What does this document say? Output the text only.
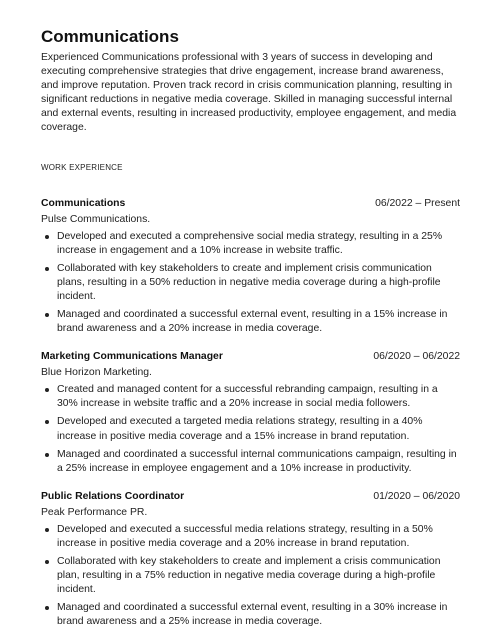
Communications

Experienced Communications professional with 3 years of success in developing and executing comprehensive strategies that drive engagement, increase brand awareness, and improve reputation. Proven track record in crisis communication planning, resulting in significant reductions in negative media coverage. Skilled in managing successful internal and external events, resulting in increased productivity, employee engagement, and media coverage.

WORK EXPERIENCE
Communications	06/2022 – Present
Pulse Communications.
Developed and executed a comprehensive social media strategy, resulting in a 25% increase in engagement and a 10% increase in website traffic.
Collaborated with key stakeholders to create and implement crisis communication plans, resulting in a 50% reduction in negative media coverage during a high-profile incident.
Managed and coordinated a successful external event, resulting in a 15% increase in brand awareness and a 20% increase in media coverage.
Marketing Communications Manager	06/2020 – 06/2022
Blue Horizon Marketing.
Created and managed content for a successful rebranding campaign, resulting in a 30% increase in website traffic and a 20% increase in social media followers.
Developed and executed a targeted media relations strategy, resulting in a 40% increase in positive media coverage and a 15% increase in brand reputation.
Managed and coordinated a successful internal communications campaign, resulting in a 25% increase in employee engagement and a 10% increase in productivity.
Public Relations Coordinator	01/2020 – 06/2020
Peak Performance PR.
Developed and executed a successful media relations strategy, resulting in a 50% increase in positive media coverage and a 20% increase in brand reputation.
Collaborated with key stakeholders to create and implement a crisis communication plan, resulting in a 75% reduction in negative media coverage during a high-profile incident.
Managed and coordinated a successful external event, resulting in a 30% increase in brand awareness and a 25% increase in media coverage.
